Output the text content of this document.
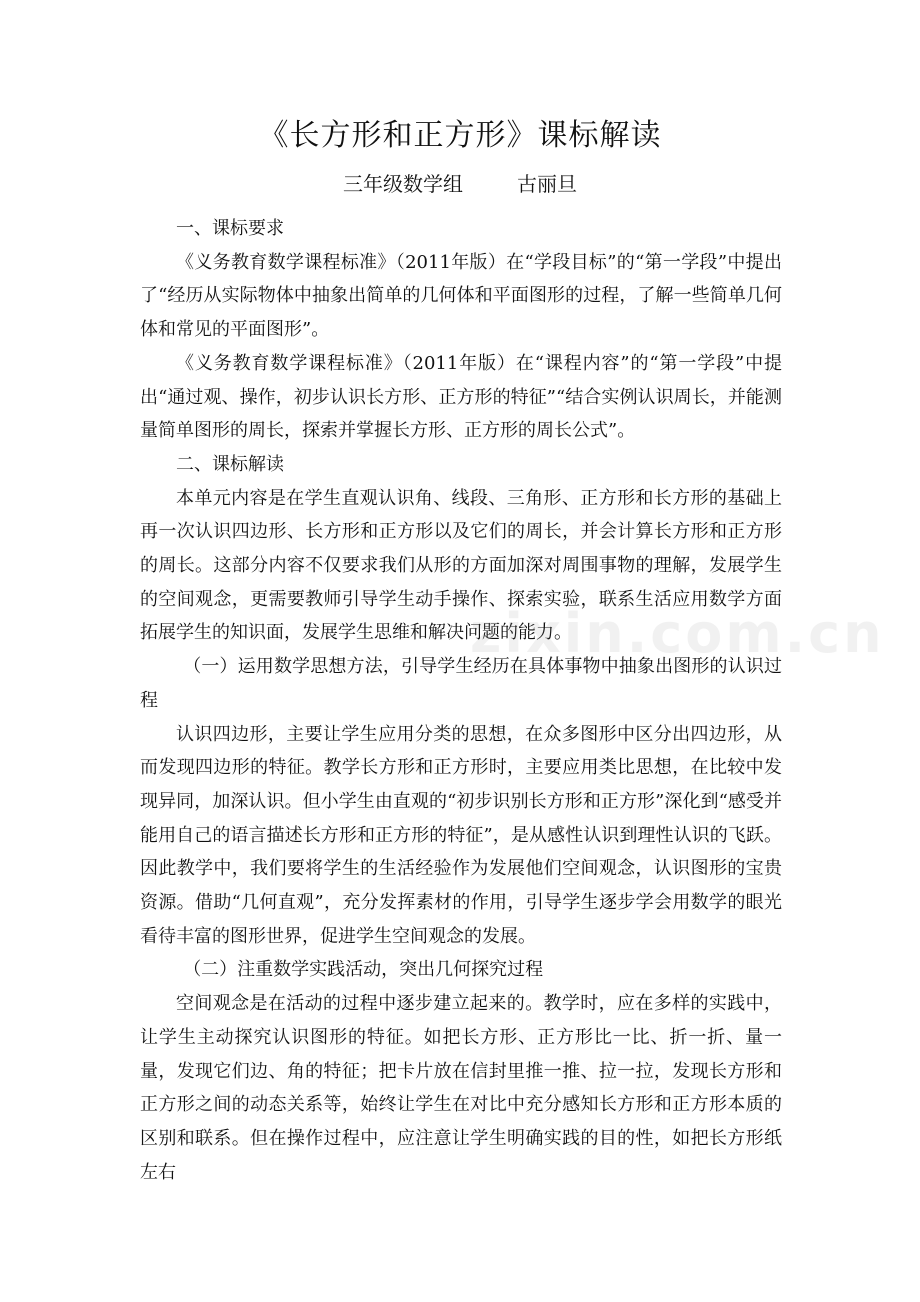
《长方形和正方形》课标解读
三年级数学组	古丽旦

一、课标要求

《义务教育数学课程标准》（2011年版）在“学段目标”的“第一学段”中提出了“经历从实际物体中抽象出简单的几何体和平面图形的过程，了解一些简单几何体和常见的平面图形”。

《义务教育数学课程标准》（2011年版）在“课程内容”的“第一学段”中提出“通过观、操作，初步认识长方形、正方形的特征”“结合实例认识周长，并能测量简单图形的周长，探索并掌握长方形、正方形的周长公式”。

二、课标解读

本单元内容是在学生直观认识角、线段、三角形、正方形和长方形的基础上再一次认识四边形、长方形和正方形以及它们的周长，并会计算长方形和正方形的周长。这部分内容不仅要求我们从形的方面加深对周围事物的理解，发展学生的空间观念，更需要教师引导学生动手操作、探索实验，联系生活应用数学方面拓展学生的知识面，发展学生思维和解决问题的能力。

（一）运用数学思想方法，引导学生经历在具体事物中抽象出图形的认识过程

认识四边形，主要让学生应用分类的思想，在众多图形中区分出四边形，从而发现四边形的特征。教学长方形和正方形时，主要应用类比思想，在比较中发现异同，加深认识。但小学生由直观的“初步识别长方形和正方形”深化到“感受并能用自己的语言描述长方形和正方形的特征”，是从感性认识到理性认识的飞跃。因此教学中，我们要将学生的生活经验作为发展他们空间观念，认识图形的宝贵资源。借助“几何直观”，充分发挥素材的作用，引导学生逐步学会用数学的眼光看待丰富的图形世界，促进学生空间观念的发展。

（二）注重数学实践活动，突出几何探究过程

空间观念是在活动的过程中逐步建立起来的。教学时，应在多样的实践中，让学生主动探究认识图形的特征。如把长方形、正方形比一比、折一折、量一量，发现它们边、角的特征；把卡片放在信封里推一推、拉一拉，发现长方形和正方形之间的动态关系等，始终让学生在对比中充分感知长方形和正方形本质的区别和联系。但在操作过程中，应注意让学生明确实践的目的性，如把长方形纸左右

zixin.com.cn
